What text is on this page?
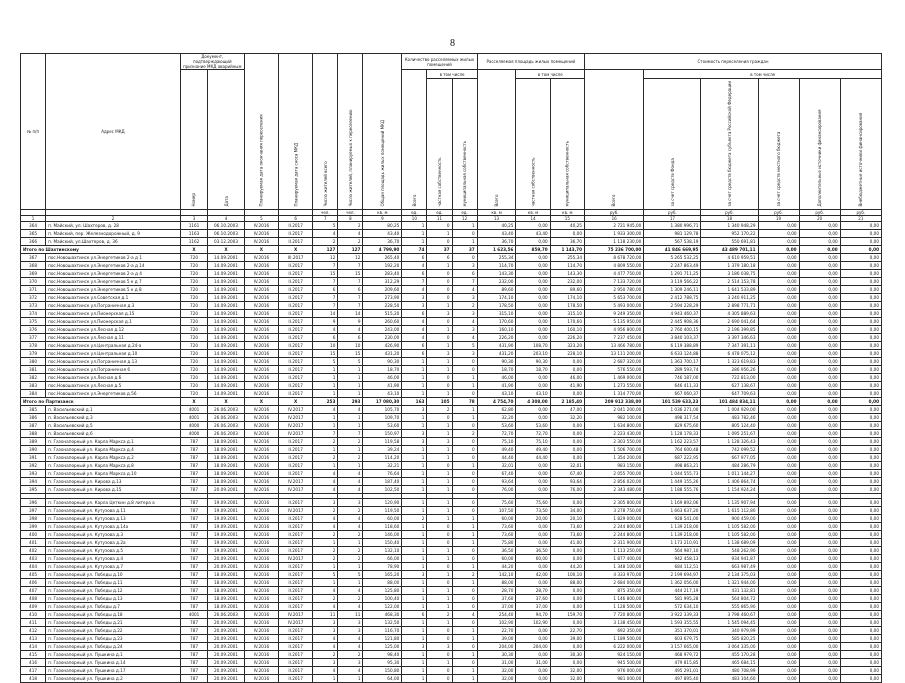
8
№ п/п	Адрес МКД	Документ, подтверждающий признание МКД аварийным		Планируемая дата окончания переселения	Планируемая дата сноса МКД	Число жителей всего	Число жителей, планируемых к переселению	Общая площадь жилых помещений МКД	Количество расселяемых жилых помещений			Расселяемая площадь жилых помещений			Стоимость переселения граждан					
		Номер	Дата						Всего	в том числе		Всего	в том числе		Всего	в том числе				
										частная собственность	муниципальная собственность		частная собственность	муниципальная собственность		за счет средств Фонда	за счет средств бюджета субъекта Российской Федерации	за счет средств местного бюджета	Дополнительные источники финансирования	Внебюджетные источники финансирования
						чел.	чел.	кв. м	ед.	ед.	ед.	кв. м	кв. м	кв. м	руб.	руб.	руб.	руб.	руб.	руб.
1	2	3	4	5	6	7	8	9	10	11	12	13	14	15	16	17	18	19	20	21
364	п. Майский, ул. Шахтеров, д. 28	1161	06.10.2003	IV.2016	II.2017	5	2	80,25	1	0	1	40,25	0,00	40,25	2 721 945,00	1 380 996,71	1 340 948,29	0,00	0,00	0,00
365	п. Майский, пер. Железнодорожный, д. 9	1163	06.10.2003	IV.2016	II.2017	4	4	43,40	1	1	0	43,40	43,40	0,00	1 933 300,00	981 129,78	952 170,22	0,00	0,00	0,00
366	п. Майский, ул.Шахтеров, д. 36	1162	03.12.2003	IV.2016	II.2017	2	2	36,70	1	0	1	36,70	0,00	36,70	1 118 230,00	567 538,19	550 691,81	0,00	0,00	0,00
Итого по Шахтинскому		X	X	X	X	127	127	4 799,90	74	37	37	1 623,56	859,70	1 143,70	75 236 700,00	41 846 669,95	43 489 701,11	0,00	0,00	0,00
367	пос.Новошахтинск ул.Энергетиков 2-а д 1	720	14.09.2001	IV.2016	III.2017	12	12	265,40	6	6	0	255,34	0,00	255,34	8 678 720,00	5 265 532,25	4 610 959,51	0,00	0,00	0,00
368	пос.Новошахтинск ул.Энергетиков 2-а д 14	720	14.09.2001	IV.2016	II.2017	7	7	192,20	4	1	3	114,70	0,00	114,70	4 809 550,00	2 247 863,49	1 379 180,18	0,00	0,00	0,00
369	пос.Новошахтинск ул.Энергетиков 2-а д 4	720	14.09.2001	IV.2016	II.2017	15	15	283,40	6	0	6	143,30	0,00	143,30	4 477 750,00	1 291 711,25	3 186 038,75	0,00	0,00	0,00
370	пос.Новошахтинск ул.Энергетиков 5 к д 7	720	14.09.2001	IV.2016	II.2017	7	7	312,29	7	0	7	232,00	0,00	232,00	7 133 720,00	3 119 566,22	2 514 153,78	0,00	0,00	0,00
371	пос.Новошахтинск ул.Энергетиков 5 к д 8	720	14.09.2001	IV.2016	II.2017	6	6	209,60	4	0	4	89,60	0,00	89,60	2 950 780,00	1 309 246,11	1 641 533,89	0,00	0,00	0,00
372	пос.Новошахтинск ул.Советская д.1	720	14.09.2001	IV.2016	II.2017	7	7	273,90	3	0	3	174,10	0,00	174,10	5 653 700,00	2 412 788,75	3 240 911,25	0,00	0,00	0,00
373	пос.Новошахтинск ул.Пограничная д.3	720	14.09.2001	IV.2016	II.2017	7	7	228,50	3	1	2	178,50	0,00	178,50	5 493 000,00	2 594 228,29	2 898 771,71	0,00	0,00	0,00
374	пос.Новошахтинск ул.Пионерская д.15	720	14.09.2001	IV.2016	II.2017	14	14	515,20	6	3	3	315,10	0,00	315,10	9 249 350,00	4 943 460,37	4 305 889,63	0,00	0,00	0,00
375	пос.Новошахтинск ул.Пионерская д.1	720	14.09.2001	IV.2016	II.2017	9	9	260,60	4	0	4	170,60	0,00	170,60	5 135 950,00	2 445 908,36	2 690 041,64	0,00	0,00	0,00
376	пос.Новошахтинск ул.Лесная д.12	720	14.09.2001	IV.2016	II.2017	4	4	243,00	4	1	3	160,10	0,00	160,10	4 956 800,00	2 760 400,15	2 196 399,85	0,00	0,00	0,00
377	пос.Новошахтинск ул.Лесная д.11	720	14.09.2001	IV.2016	II.2017	6	6	230,00	4	0	4	226,20	0,00	226,20	7 237 450,00	3 840 103,37	3 397 346,63	0,00	0,00	0,00
378	пос.Новошахтинск ул.Центральная д.24-а	720	14.09.2001	IV.2016	II.2017	10	10	426,90	6	1	5	431,90	108,70	323,20	13 466 780,00	6 119 388,89	7 347 391,11	0,00	0,00	0,00
379	пос.Новошахтинск ул.Центральная д.10	720	14.09.2001	IV.2016	II.2017	15	15	431,20	6	3	3	431,20	203,10	228,10	13 111 200,00	6 633 124,88	6 478 075,12	0,00	0,00	0,00
380	пос.Новошахтинск ул.Пограничная д.13	720	14.09.2001	IV.2016	II.2017	5	5	90,30	1	1	0	90,30	90,30	0,00	2 687 320,00	1 363 700,17	1 323 619,83	0,00	0,00	0,00
381	пос.Новошахтинск ул.Пограничная 6	720	14.09.2001	IV.2016	II.2017	1	1	18,70	1	1	0	18,70	18,70	0,00	576 550,00	289 593,74	286 956,26	0,00	0,00	0,00
382	пос.Новошахтинск ул.Лесная д.6	720	14.09.2001	IV.2016	II.2017	1	1	46,00	1	0	1	46,00	0,00	46,00	1 469 000,00	746 187,00	722 813,00	0,00	0,00	0,00
383	пос.Новошахтинск ул.Лесная д.5	720	14.09.2001	IV.2016	II.2017	1	1	41,90	1	0	1	41,90	0,00	41,90	1 273 550,00	646 411,33	627 138,67	0,00	0,00	0,00
384	пос.Новошахтинск ул.Энергетиков д.56	720	14.09.2001	IV.2016	II.2017	1	1	43,10	1	1	0	43,10	43,10	0,00	1 314 770,00	667 060,37	647 709,63	0,00	0,00	0,00
Итого по Партизанск		X	X	X	X	253	293	17 080,30	163	105	78	4 754,70	4 308,00	2 185,40	209 912 338,00	101 539 633,23	101 484 834,11	0,00	0,00	0,00
385	п. Васильевский д.1	4001	26.06.2003	IV.2016	IV.2017	4	4	105,70	3	2	1	62,80	0,00	47,00	2 041 200,00	1 036 271,00	1 004 929,00	0,00	0,00	0,00
386	п. Васильевский д.3	4001	26.06.2003	IV.2016	IV.2017	1	1	109,70	1	0	1	32,20	0,00	32,20	982 100,00	498 317,54	483 782,46	0,00	0,00	0,00
387	п. Васильевский д.5	4000	26.06.2003	IV.2016	IV.2017	1	1	53,60	1	1	0	53,60	53,60	0,00	1 634 800,00	829 675,60	805 124,40	0,00	0,00	0,00
388	п. Васильевский д.6	4000	26.06.2003	IV.2016	IV.2017	7	7	150,97	3	1	2	72,70	72,70	0,00	2 223 430,00	1 128 178,33	1 095 251,67	0,00	0,00	0,00
389	п. Газонапорный ул. Карла Маркса д.1	787	18.09.2001	IV.2016	II.2017	2	2	119,58	3	3	0	75,10	75,10	0,00	2 303 550,00	1 162 223,57	1 128 326,43	0,00	0,00	0,00
390	п. Газонапорный ул. Карла Маркса д.4	787	18.09.2001	IV.2016	II.2017	1	1	39,24	1	1	0	49,40	49,40	0,00	1 506 700,00	764 600,48	742 099,52	0,00	0,00	0,00
391	п. Газонапорный ул. Карла Маркса д.2	787	18.09.2001	IV.2016	II.2017	2	2	114,20	1	1	0	44,40	44,40	0,00	1 354 200,00	687 222,95	667 977,05	0,00	0,00	0,00
392	п. Газонапорный ул. Карла Маркса д.8	787	18.09.2001	IV.2016	II.2017	1	1	32,21	1	0	1	32,01	0,00	32,01	983 150,00	498 863,21	484 286,79	0,00	0,00	0,00
393	п. Газонапорный ул. Карла Маркса д.10	787	18.09.2001	IV.2016	II.2017	4	4	76,64	1	1	0	67,40	0,00	67,40	2 055 700,00	1 044 555,73	1 011 144,27	0,00	0,00	0,00
394	п. Газонапорный ул. Кирова д.13	787	18.09.2001	IV.2016	IV.2017	4	4	187,40	1	1	0	93,64	0,00	93,64	2 856 020,00	1 449 155,26	1 406 864,74	0,00	0,00	0,00
395	п. Газонапорный ул. Кирова д.15	787	20.09.2001	IV.2016	IV.2017	4	4	102,50	1	1	0	76,00	0,00	76,00	2 343 480,00	1 188 555,76	1 154 924,24	0,00	0,00	0,00

396	п. Газонапорный ул. Карла Цеткин д.8 литера а	787	19.09.2001	IV.2016	II.2017	3	3	120,90	1	1	0	75,60	75,60	0,00	2 305 800,00	1 169 892,06	1 135 907,94	0,00	0,00	0,00
397	п. Газонапорный ул. Кутузова д.11	787	19.09.2001	IV.2016	IV.2017	2	2	119,50	1	1	0	107,50	73,50	34,00	3 278 750,00	1 663 637,20	1 615 112,80	0,00	0,00	0,00
398	п. Газонапорный ул. Кутузова д.13	787	19.09.2001	IV.2016	II.2017	4	4	60,00	2	1	1	60,00	20,00	20,10	1 829 000,00	928 541,00	900 459,00	0,00	0,00	0,00
399	п. Газонапорный ул. Кутузова д.14а	787	19.09.2001	IV.2016	II.2017	4	4	118,60	1	0	1	73,60	0,00	73,60	2 244 800,00	1 139 218,00	1 105 582,00	0,00	0,00	0,00
400	п. Газонапорный ул. Кутузова д.3	787	19.09.2001	IV.2016	II.2017	2	2	146,00	1	0	1	73,60	0,00	73,60	2 244 800,00	1 139 218,00	1 105 582,00	0,00	0,00	0,00
401	п. Газонапорный ул. Кутузова д.2а	787	19.09.2001	IV.2016	II.2017	1	1	150,40	1	0	1	75,80	0,00	41,00	2 311 900,00	1 173 210,91	1 138 689,09	0,00	0,00	0,00
402	п. Газонапорный ул. Кутузова д.5	787	19.09.2001	IV.2016	II.2017	2	2	132,10	1	1	0	36,50	36,50	0,00	1 113 250,00	564 987,10	548 262,90	0,00	0,00	0,00
403	п. Газонапорный ул. Кутузова д.4	787	20.09.2001	IV.2016	IV.2017	2	2	66,00	1	1	0	60,00	60,00	0,00	1 877 400,00	942 458,13	934 941,87	0,00	0,00	0,00
404	п. Газонапорный ул. Кутузова д.7	787	20.09.2001	IV.2016	II.2017	1	1	78,90	1	0	1	44,20	0,00	44,20	1 348 100,00	684 112,51	663 987,49	0,00	0,00	0,00
405	п. Газонапорный ул. Победы д.10	787	18.09.2001	IV.2016	II.2017	5	5	165,20	3	1	2	142,10	42,00	100,10	4 333 970,00	2 199 694,97	2 134 375,03	0,00	0,00	0,00
406	п. Газонапорный ул. Победы д.11	787	18.09.2001	IV.2016	II.2017	1	1	88,00	1	0	1	88,00	0,00	88,00	2 684 000,00	1 362 056,00	1 321 944,00	0,00	0,00	0,00
407	п. Газонапорный ул. Победы д.12	787	18.09.2001	IV.2016	II.2017	4	4	125,80	1	1	0	28,70	28,70	0,00	875 350,00	444 217,19	431 132,81	0,00	0,00	0,00
408	п. Газонапорный ул. Победы д.13	787	18.09.2001	IV.2016	II.2017	2	2	100,40	1	1	0	37,60	37,60	0,00	1 146 800,00	581 995,28	564 804,72	0,00	0,00	0,00
409	п. Газонапорный ул. Победы д.7	787	18.09.2001	IV.2016	II.2017	4	4	122,00	1	1	0	37,00	37,00	0,00	1 128 500,00	572 634,10	555 865,90	0,00	0,00	0,00
410	п. Газонапорный ул. Победы д.18	4001	26.06.2003	IV.2016	IV.2017	11	11	468,30	6	2	4	254,40	94,70	159,70	7 720 800,00	3 922 339,33	3 798 460,67	0,00	0,00	0,00
411	п. Газонапорный ул. Победы д.21	787	20.09.2001	IV.2016	IV.2017	3	3	132,50	1	1	0	102,90	102,90	0,00	3 138 450,00	1 593 355,55	1 545 094,45	0,00	0,00	0,00
412	п. Газонапорный ул. Победы д.22	787	20.09.2001	IV.2016	II.2017	3	3	116,70	1	0	1	22,70	0,00	22,70	692 350,00	351 370,01	340 979,99	0,00	0,00	0,00
413	п. Газонапорный ул. Победы д.23	787	20.09.2001	IV.2016	II.2017	4	4	121,80	1	0	1	39,00	0,00	39,00	1 189 500,00	603 679,75	585 820,25	0,00	0,00	0,00
414	п. Газонапорный ул. Победы д.24	787	20.09.2001	IV.2016	II.2017	4	4	125,00	3	3	0	204,00	204,00	0,00	6 222 000,00	3 157 665,00	3 064 335,00	0,00	0,00	0,00
415	п. Газонапорный ул. Пушкина д.1	787	20.09.2001	IV.2016	II.2017	2	2	98,40	1	0	1	30,30	0,00	30,30	924 150,00	468 979,72	455 170,28	0,00	0,00	0,00
416	п. Газонапорный ул. Пушкина д.14	787	20.09.2001	IV.2016	II.2017	3	3	95,30	1	1	0	31,00	31,00	0,00	945 500,00	479 815,85	465 684,15	0,00	0,00	0,00
417	п. Газонапорный ул. Пушкина д.17	787	20.09.2001	IV.2016	II.2017	4	4	150,80	1	0	1	32,00	0,00	32,00	976 000,00	495 291,01	480 708,99	0,00	0,00	0,00
418	п. Газонапорный ул. Пушкина д.2	787	20.09.2001	IV.2016	II.2017	1	1	64,00	1	0	1	32,00	0,00	32,00	981 000,00	497 895,40	483 104,60	0,00	0,00	0,00
